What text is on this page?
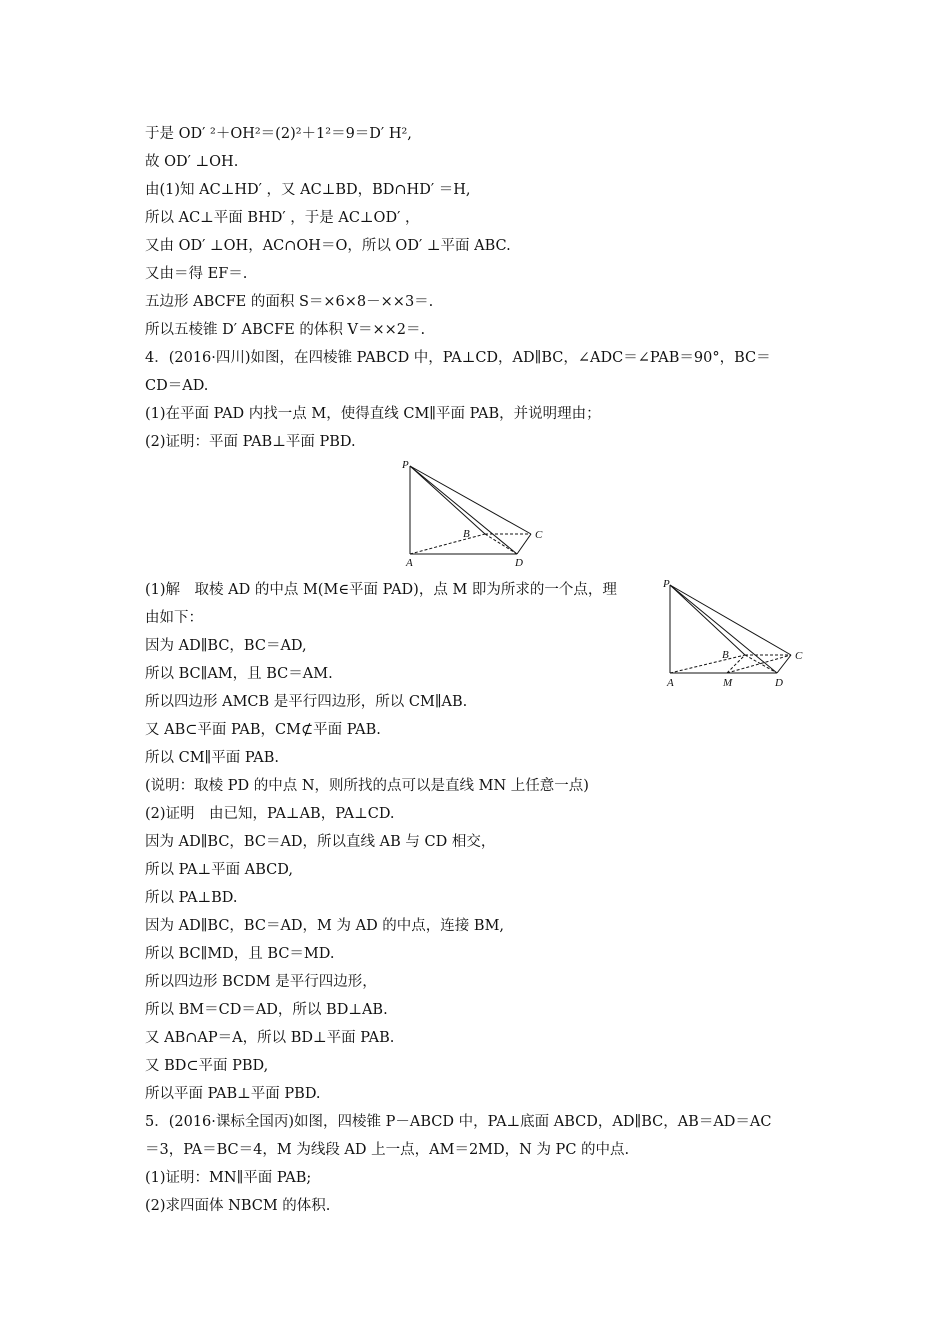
于是 OD′ ²＋OH²＝(2)²＋1²＝9＝D′ H²,
故 OD′ ⊥OH.
由(1)知 AC⊥HD′ ，又 AC⊥BD，BD∩HD′ ＝H,
所以 AC⊥平面 BHD′ ，于是 AC⊥OD′ ，
又由 OD′ ⊥OH，AC∩OH＝O，所以 OD′ ⊥平面 ABC.
又由＝得 EF＝.
五边形 ABCFE 的面积 S＝×6×8－××3＝.
所以五棱锥 D′ ABCFE 的体积 V＝××2＝.
4．(2016·四川)如图，在四棱锥 PABCD 中，PA⊥CD，AD∥BC，∠ADC＝∠PAB＝90°，BC＝
CD＝AD.
(1)在平面 PAD 内找一点 M，使得直线 CM∥平面 PAB，并说明理由；
(2)证明：平面 PAB⊥平面 PBD.
P
A
B	C
D
P
A
B	C
D
M
(1)解　取棱 AD 的中点 M(M∈平面 PAD)，点 M 即为所求的一个点，理
由如下：
因为 AD∥BC，BC＝AD,
所以 BC∥AM，且 BC＝AM.
所以四边形 AMCB 是平行四边形，所以 CM∥AB.
又 AB⊂平面 PAB，CM⊄平面 PAB.
所以 CM∥平面 PAB.
(说明：取棱 PD 的中点 N，则所找的点可以是直线 MN 上任意一点)
(2)证明　由已知，PA⊥AB，PA⊥CD.
因为 AD∥BC，BC＝AD，所以直线 AB 与 CD 相交，
所以 PA⊥平面 ABCD,
所以 PA⊥BD.
因为 AD∥BC，BC＝AD，M 为 AD 的中点，连接 BM,
所以 BC∥MD，且 BC＝MD.
所以四边形 BCDM 是平行四边形，
所以 BM＝CD＝AD，所以 BD⊥AB.
又 AB∩AP＝A，所以 BD⊥平面 PAB.
又 BD⊂平面 PBD,
所以平面 PAB⊥平面 PBD.
5．(2016·课标全国丙)如图，四棱锥 P－ABCD 中，PA⊥底面 ABCD，AD∥BC，AB＝AD＝AC
＝3，PA＝BC＝4，M 为线段 AD 上一点，AM＝2MD，N 为 PC 的中点.
(1)证明：MN∥平面 PAB;
(2)求四面体 NBCM 的体积.
